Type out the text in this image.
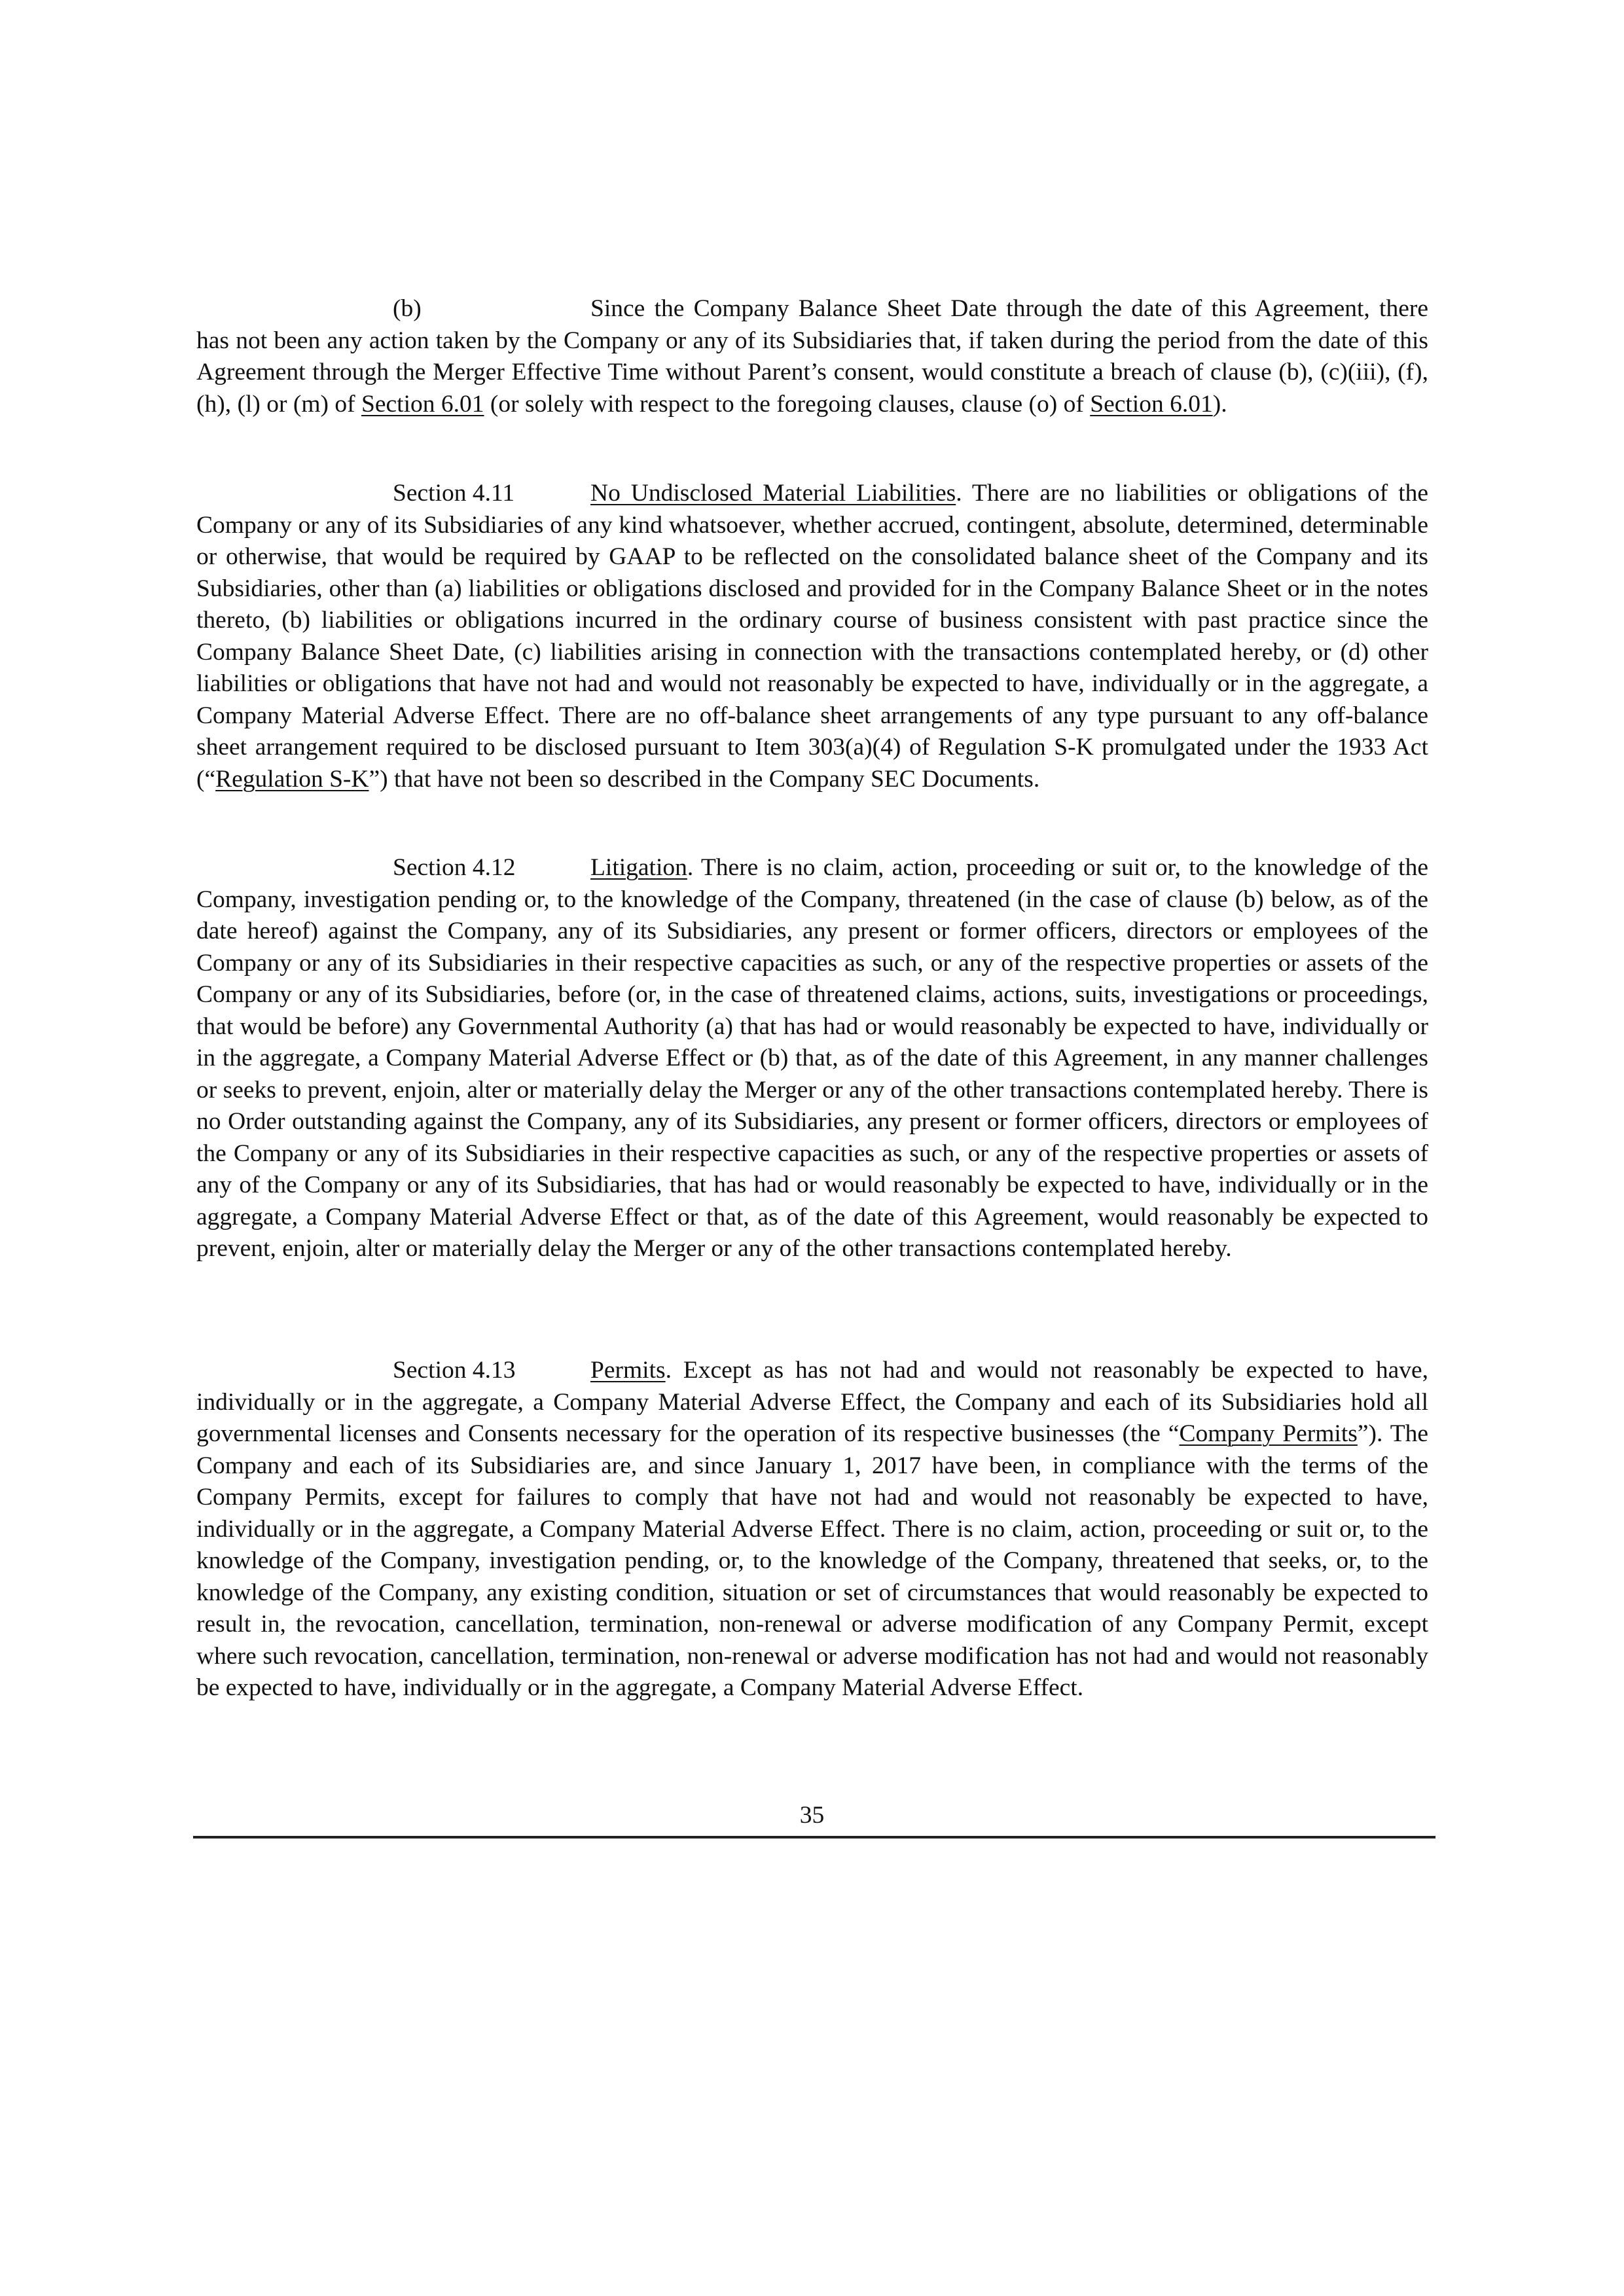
(b)	Since the Company Balance Sheet Date through the date of this Agreement, there has not been any action taken by the Company or any of its Subsidiaries that, if taken during the period from the date of this Agreement through the Merger Effective Time without Parent’s consent, would constitute a breach of clause (b), (c)(iii), (f), (h), (l) or (m) of Section 6.01 (or solely with respect to the foregoing clauses, clause (o) of Section 6.01).
Section 4.11	No Undisclosed Material Liabilities. There are no liabilities or obligations of the Company or any of its Subsidiaries of any kind whatsoever, whether accrued, contingent, absolute, determined, determinable or otherwise, that would be required by GAAP to be reflected on the consolidated balance sheet of the Company and its Subsidiaries, other than (a) liabilities or obligations disclosed and provided for in the Company Balance Sheet or in the notes thereto, (b) liabilities or obligations incurred in the ordinary course of business consistent with past practice since the Company Balance Sheet Date, (c) liabilities arising in connection with the transactions contemplated hereby, or (d) other liabilities or obligations that have not had and would not reasonably be expected to have, individually or in the aggregate, a Company Material Adverse Effect. There are no off-balance sheet arrangements of any type pursuant to any off-balance sheet arrangement required to be disclosed pursuant to Item 303(a)(4) of Regulation S-K promulgated under the 1933 Act (“Regulation S-K”) that have not been so described in the Company SEC Documents.
Section 4.12	Litigation. There is no claim, action, proceeding or suit or, to the knowledge of the Company, investigation pending or, to the knowledge of the Company, threatened (in the case of clause (b) below, as of the date hereof) against the Company, any of its Subsidiaries, any present or former officers, directors or employees of the Company or any of its Subsidiaries in their respective capacities as such, or any of the respective properties or assets of the Company or any of its Subsidiaries, before (or, in the case of threatened claims, actions, suits, investigations or proceedings, that would be before) any Governmental Authority (a) that has had or would reasonably be expected to have, individually or in the aggregate, a Company Material Adverse Effect or (b) that, as of the date of this Agreement, in any manner challenges or seeks to prevent, enjoin, alter or materially delay the Merger or any of the other transactions contemplated hereby. There is no Order outstanding against the Company, any of its Subsidiaries, any present or former officers, directors or employees of the Company or any of its Subsidiaries in their respective capacities as such, or any of the respective properties or assets of any of the Company or any of its Subsidiaries, that has had or would reasonably be expected to have, individually or in the aggregate, a Company Material Adverse Effect or that, as of the date of this Agreement, would reasonably be expected to prevent, enjoin, alter or materially delay the Merger or any of the other transactions contemplated hereby.
Section 4.13	Permits. Except as has not had and would not reasonably be expected to have, individually or in the aggregate, a Company Material Adverse Effect, the Company and each of its Subsidiaries hold all governmental licenses and Consents necessary for the operation of its respective businesses (the “Company Permits”). The Company and each of its Subsidiaries are, and since January 1, 2017 have been, in compliance with the terms of the Company Permits, except for failures to comply that have not had and would not reasonably be expected to have, individually or in the aggregate, a Company Material Adverse Effect. There is no claim, action, proceeding or suit or, to the knowledge of the Company, investigation pending, or, to the knowledge of the Company, threatened that seeks, or, to the knowledge of the Company, any existing condition, situation or set of circumstances that would reasonably be expected to result in, the revocation, cancellation, termination, non-renewal or adverse modification of any Company Permit, except where such revocation, cancellation, termination, non-renewal or adverse modification has not had and would not reasonably be expected to have, individually or in the aggregate, a Company Material Adverse Effect.
35
